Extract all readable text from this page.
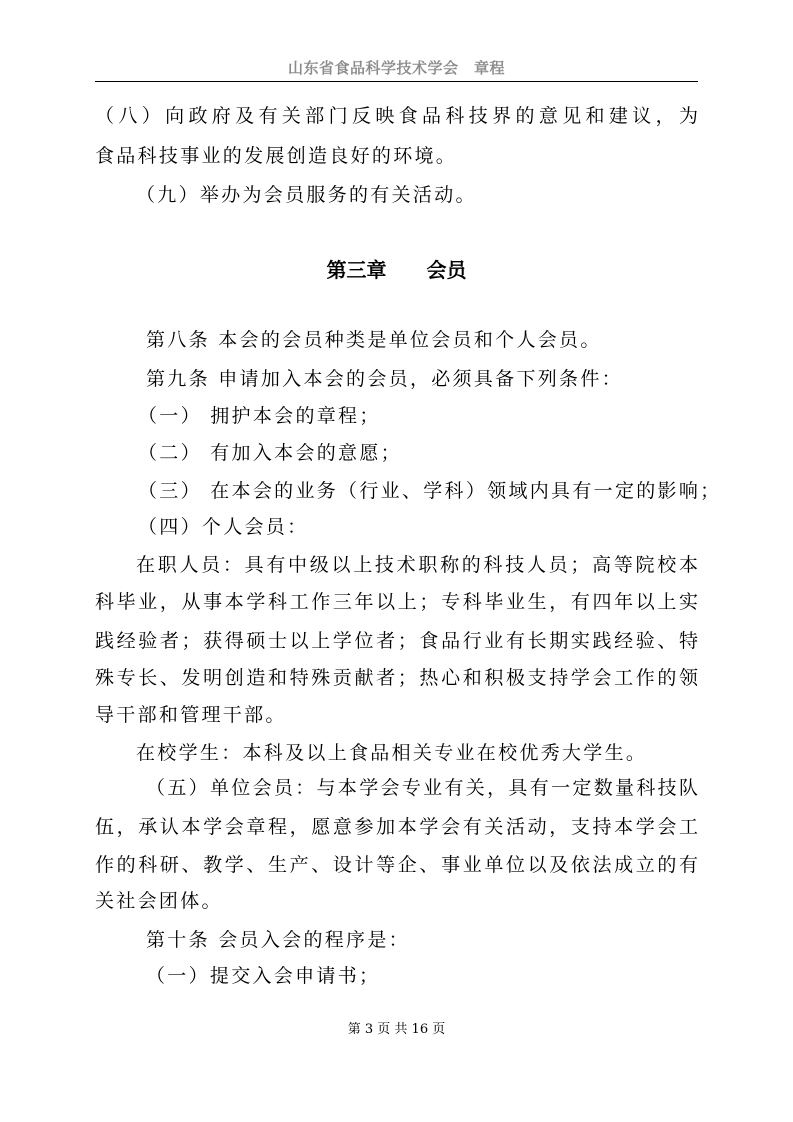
山东省食品科学技术学会　章程
（八）向政府及有关部门反映食品科技界的意见和建议，为
食品科技事业的发展创造良好的环境。
（九）举办为会员服务的有关活动。
第三章 会员
第八条 本会的会员种类是单位会员和个人会员。
第九条 申请加入本会的会员，必须具备下列条件：
（一） 拥护本会的章程；
（二） 有加入本会的意愿；
（三） 在本会的业务（行业、学科）领域内具有一定的影响；
（四）个人会员：
在职人员：具有中级以上技术职称的科技人员；高等院校本
科毕业，从事本学科工作三年以上；专科毕业生，有四年以上实
践经验者；获得硕士以上学位者；食品行业有长期实践经验、特
殊专长、发明创造和特殊贡献者；热心和积极支持学会工作的领
导干部和管理干部。
在校学生：本科及以上食品相关专业在校优秀大学生。
（五）单位会员：与本学会专业有关，具有一定数量科技队
伍，承认本学会章程，愿意参加本学会有关活动，支持本学会工
作的科研、教学、生产、设计等企、事业单位以及依法成立的有
关社会团体。
第十条 会员入会的程序是：
（一）提交入会申请书；
第 3 页 共 16 页
